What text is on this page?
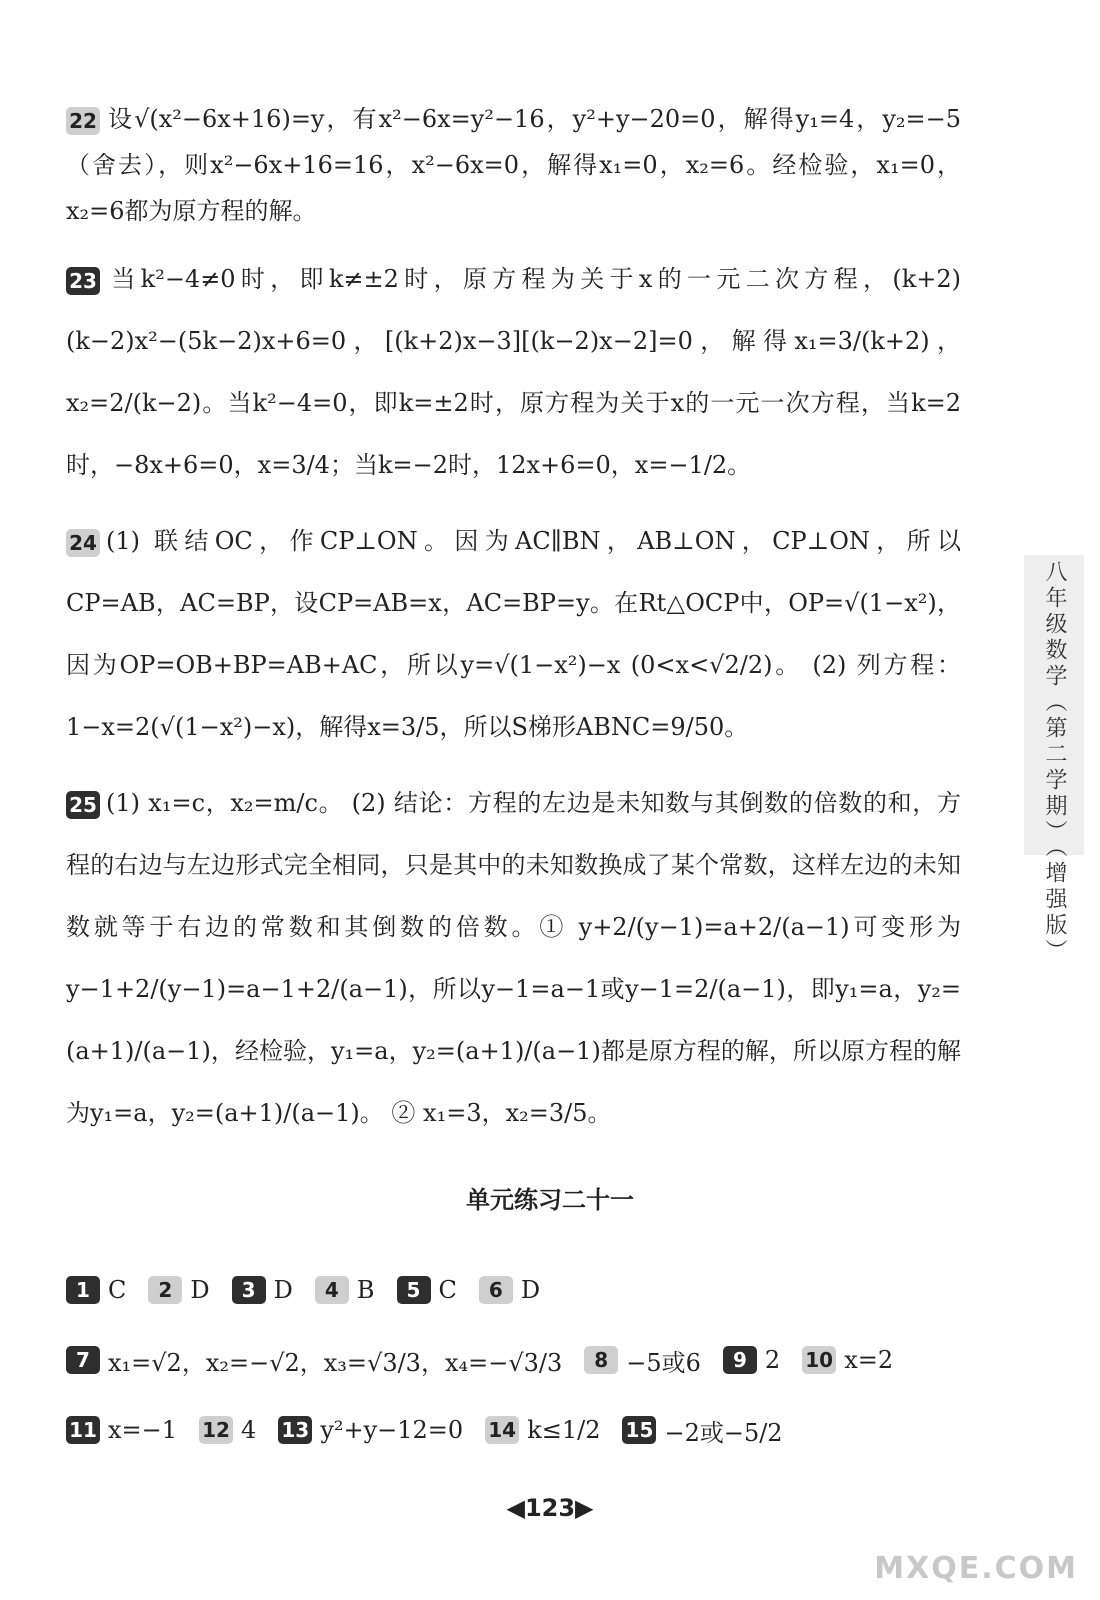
22 设√(x²−6x+16)=y，有x²−6x=y²−16，y²+y−20=0，解得y₁=4，y₂=−5（舍去），则x²−6x+16=16，x²−6x=0，解得x₁=0，x₂=6。经检验，x₁=0，x₂=6都为原方程的解。

23 当k²−4≠0时，即k≠±2时，原方程为关于x的一元二次方程，(k+2)(k−2)x²−(5k−2)x+6=0，[(k+2)x−3][(k−2)x−2]=0，解得x₁=3/(k+2)，x₂=2/(k−2)。当k²−4=0，即k=±2时，原方程为关于x的一元一次方程，当k=2时，−8x+6=0，x=3/4；当k=−2时，12x+6=0，x=−1/2。

24 (1) 联结OC，作CP⊥ON。因为AC∥BN，AB⊥ON，CP⊥ON，所以CP=AB，AC=BP，设CP=AB=x，AC=BP=y。在Rt△OCP中，OP=√(1−x²)，因为OP=OB+BP=AB+AC，所以y=√(1−x²)−x (0<x<√2/2)。 (2) 列方程：1−x=2(√(1−x²)−x)，解得x=3/5，所以S梯形ABNC=9/50。

25 (1) x₁=c，x₂=m/c。 (2) 结论：方程的左边是未知数与其倒数的倍数的和，方程的右边与左边形式完全相同，只是其中的未知数换成了某个常数，这样左边的未知数就等于右边的常数和其倒数的倍数。① y+2/(y−1)=a+2/(a−1)可变形为y−1+2/(y−1)=a−1+2/(a−1)，所以y−1=a−1或y−1=2/(a−1)，即y₁=a，y₂=(a+1)/(a−1)，经检验，y₁=a，y₂=(a+1)/(a−1)都是原方程的解，所以原方程的解为y₁=a，y₂=(a+1)/(a−1)。 ② x₁=3，x₂=3/5。

单元练习二十一
1 C	2 D	3 D	4 B	5 C	6 D
7 x₁=√2，x₂=−√2，x₃=√3/3，x₄=−√3/3	8 −5或6	9 2 10 x=2
11 x=−1 12 4 13 y²+y−12=0 14 k≤1/2 15 −2或−5/2
八年级数学（第二学期）（增强版）
◀123▶
MXQE.COM
